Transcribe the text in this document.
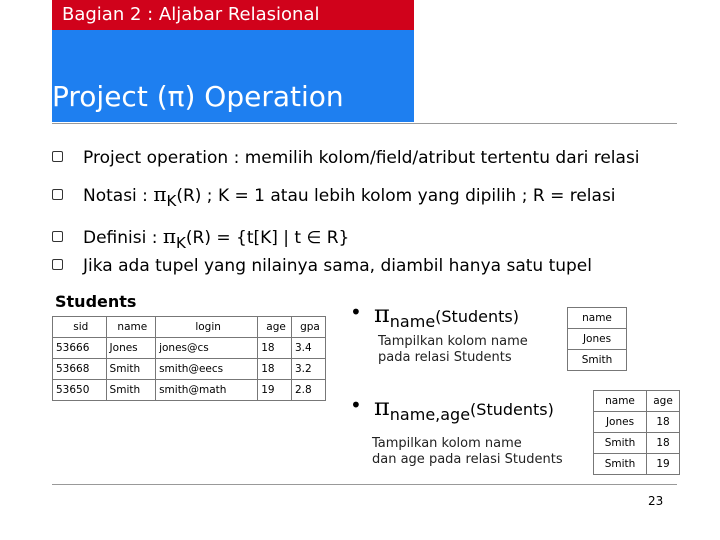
Bagian 2 : Aljabar Relasional
Project (π) Operation
Project operation : memilih kolom/field/atribut tertentu dari relasi
Notasi : πK(R) ; K = 1 atau lebih kolom yang dipilih ; R = relasi
Definisi : πK(R) = {t[K] | t ∈ R}
Jika ada tupel yang nilainya sama, diambil hanya satu tupel
Students
sid	name	login	age	gpa
53666	Jones	jones@cs	18	3.4
53668	Smith	smith@eecs	18	3.2
53650	Smith	smith@math	19	2.8
• πname(Students)
Tampilkan kolom name
pada relasi Students
name
Jones
Smith
• πname,age(Students)
Tampilkan kolom name
dan age pada relasi Students
name	age
Jones	18
Smith	18
Smith	19
23
